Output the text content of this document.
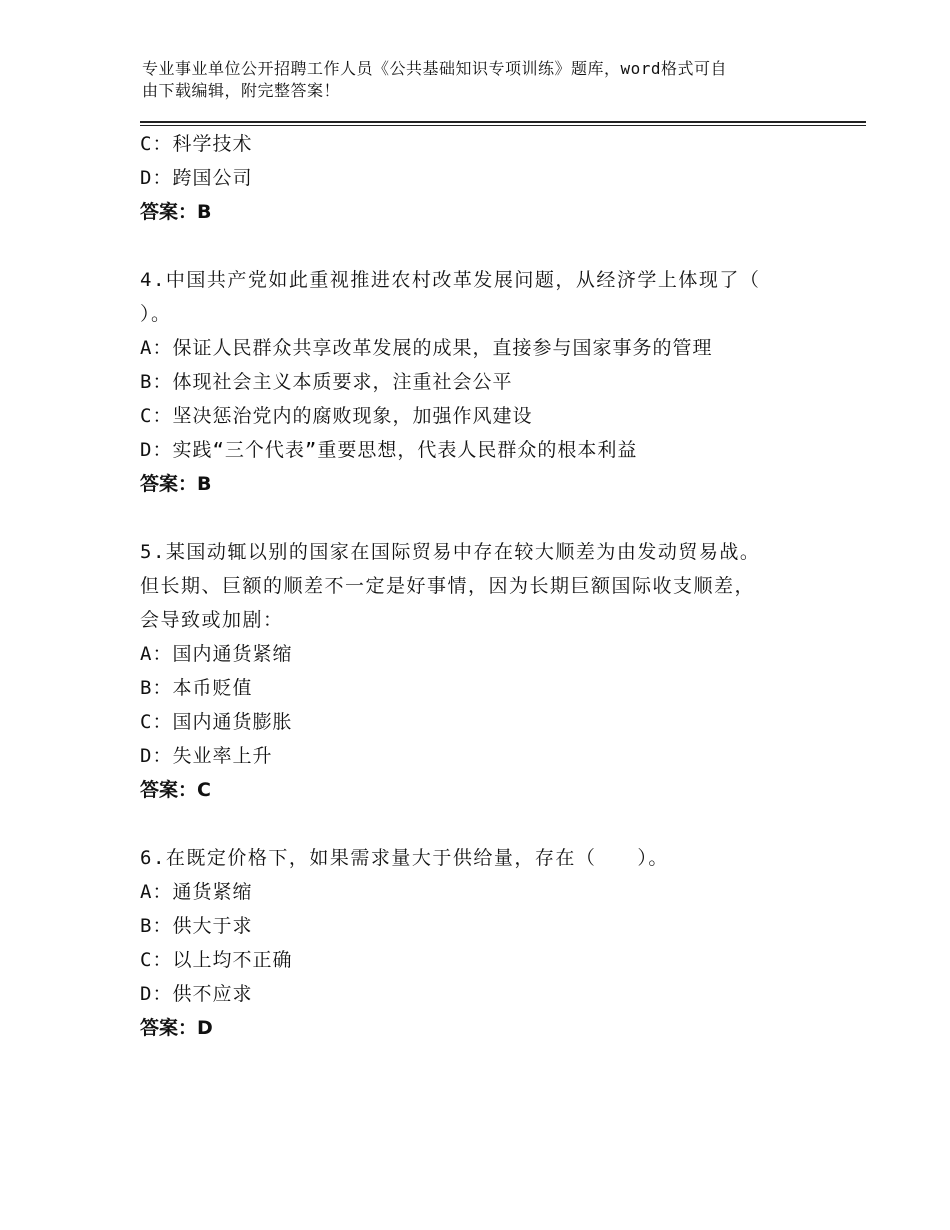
专业事业单位公开招聘工作人员《公共基础知识专项训练》题库，word格式可自
由下载编辑，附完整答案！
C：科学技术
D：跨国公司
答案：B
4.中国共产党如此重视推进农村改革发展问题，从经济学上体现了（
）。
A：保证人民群众共享改革发展的成果，直接参与国家事务的管理
B：体现社会主义本质要求，注重社会公平
C：坚决惩治党内的腐败现象，加强作风建设
D：实践“三个代表”重要思想，代表人民群众的根本利益
答案：B
5.某国动辄以别的国家在国际贸易中存在较大顺差为由发动贸易战。
但长期、巨额的顺差不一定是好事情，因为长期巨额国际收支顺差，
会导致或加剧：
A：国内通货紧缩
B：本币贬值
C：国内通货膨胀
D：失业率上升
答案：C
6.在既定价格下，如果需求量大于供给量，存在（　　）。
A：通货紧缩
B：供大于求
C：以上均不正确
D：供不应求
答案：D
